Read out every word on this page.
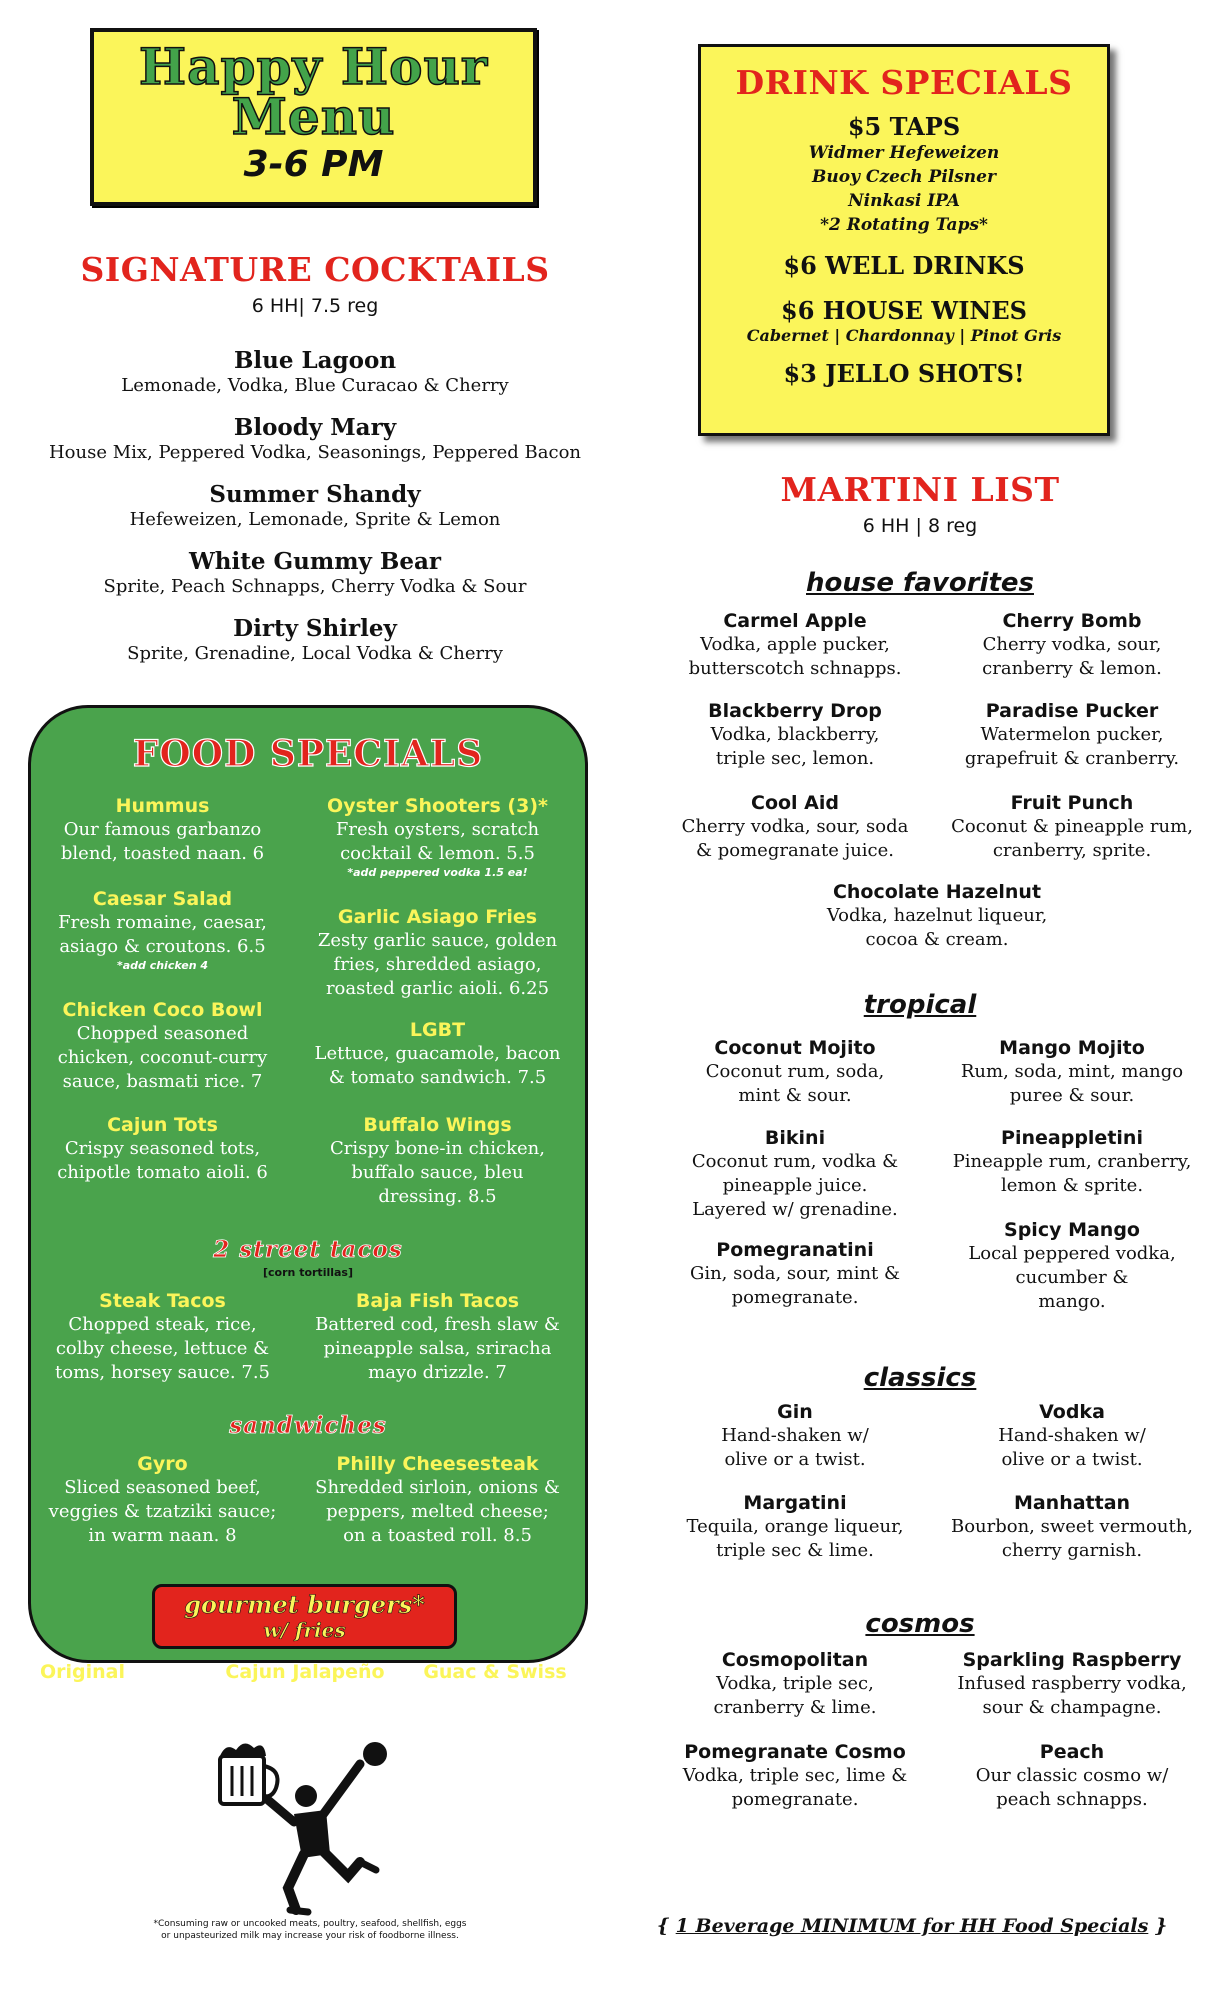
Happy Hour
Menu
3-6 PM
SIGNATURE COCKTAILS
6 HH| 7.5 reg
Blue Lagoon
Lemonade, Vodka, Blue Curacao & Cherry
Bloody Mary
House Mix, Peppered Vodka, Seasonings, Peppered Bacon
Summer Shandy
Hefeweizen, Lemonade, Sprite & Lemon
White Gummy Bear
Sprite, Peach Schnapps, Cherry Vodka & Sour
Dirty Shirley
Sprite, Grenadine, Local Vodka & Cherry
DRINK SPECIALS
$5 TAPS
Widmer Hefeweizen
Buoy Czech Pilsner
Ninkasi IPA
*2 Rotating Taps*
$6 WELL DRINKS
$6 HOUSE WINES
Cabernet | Chardonnay | Pinot Gris
$3 JELLO SHOTS!
MARTINI LIST
6 HH | 8 reg
house favorites
Carmel Apple
Vodka, apple pucker,
butterscotch schnapps.
Cherry Bomb
Cherry vodka, sour,
cranberry & lemon.
Blackberry Drop
Vodka, blackberry,
triple sec, lemon.
Paradise Pucker
Watermelon pucker,
grapefruit & cranberry.
Cool Aid
Cherry vodka, sour, soda
& pomegranate juice.
Fruit Punch
Coconut & pineapple rum,
cranberry, sprite.
Chocolate Hazelnut
Vodka, hazelnut liqueur,
cocoa & cream.
tropical
Coconut Mojito
Coconut rum, soda,
mint & sour.
Mango Mojito
Rum, soda, mint, mango
puree & sour.
Bikini
Coconut rum, vodka &
pineapple juice.
Layered w/ grenadine.
Pineappletini
Pineapple rum, cranberry,
lemon & sprite.
Pomegranatini
Gin, soda, sour, mint &
pomegranate.
Spicy Mango
Local peppered vodka,
cucumber &
mango.
classics
Gin
Hand-shaken w/
olive or a twist.
Vodka
Hand-shaken w/
olive or a twist.
Margatini
Tequila, orange liqueur,
triple sec & lime.
Manhattan
Bourbon, sweet vermouth,
cherry garnish.
cosmos
Cosmopolitan
Vodka, triple sec,
cranberry & lime.
Sparkling Raspberry
Infused raspberry vodka,
sour & champagne.
Pomegranate Cosmo
Vodka, triple sec, lime &
pomegranate.
Peach
Our classic cosmo w/
peach schnapps.
FOOD SPECIALS
Hummus
Our famous garbanzo
blend, toasted naan. 6
Oyster Shooters (3)*
Fresh oysters, scratch
cocktail & lemon. 5.5
*add peppered vodka 1.5 ea!
Caesar Salad
Fresh romaine, caesar,
asiago & croutons. 6.5
*add chicken 4
Garlic Asiago Fries
Zesty garlic sauce, golden
fries, shredded asiago,
roasted garlic aioli. 6.25
Chicken Coco Bowl
Chopped seasoned
chicken, coconut-curry
sauce, basmati rice. 7
LGBT
Lettuce, guacamole, bacon
& tomato sandwich. 7.5
Cajun Tots
Crispy seasoned tots,
chipotle tomato aioli. 6
Buffalo Wings
Crispy bone-in chicken,
buffalo sauce, bleu
dressing. 8.5
2 street tacos
[corn tortillas]
Steak Tacos
Chopped steak, rice,
colby cheese, lettuce &
toms, horsey sauce. 7.5
Baja Fish Tacos
Battered cod, fresh slaw &
pineapple salsa, sriracha
mayo drizzle. 7
sandwiches
Gyro
Sliced seasoned beef,
veggies & tzatziki sauce;
in warm naan. 8
Philly Cheesesteak
Shredded sirloin, onions &
peppers, melted cheese;
on a toasted roll. 8.5
gourmet burgers*
w/ fries
Original
9
Cajun Jalapeño
10
Guac & Swiss
10.5
*Consuming raw or uncooked meats, poultry, seafood, shellfish, eggs
or unpasteurized milk may increase your risk of foodborne illness.	{ 1 Beverage MINIMUM for HH Food Specials }
